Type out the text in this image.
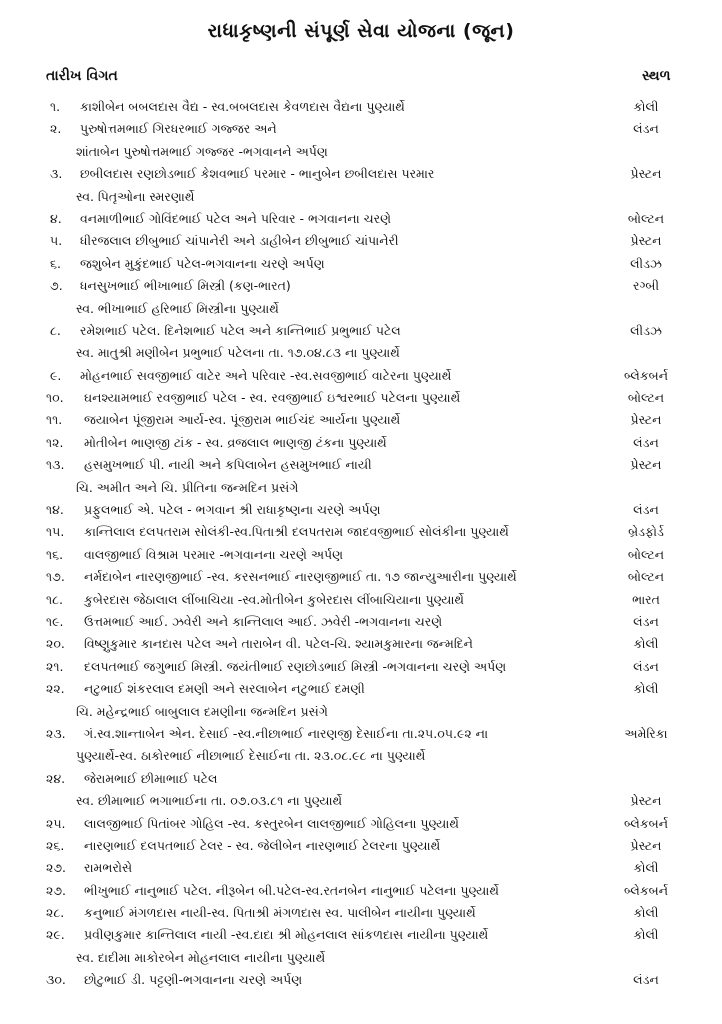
રાધાકૃષ્ણની સંપૂર્ણ સેવા યોજના (જૂન)
તારીખ વિગત	સ્થળ
૧. કાશીબેન બબલદાસ વૈદ્ય - સ્વ.બબલદાસ કેવળદાસ વૈદ્યના પુણ્યાર્થે	કોલી
૨. પુરુષોત્તમભાઈ ગિરધરભાઈ ગજ્જર અને	લંડન
શાંતાબેન પુરુષોત્તમભાઈ ગજ્જર -ભગવાનને અર્પણ
૩. છબીલદાસ રણછોડભાઈ કેશવભાઈ પરમાર - ભાનુબેન છબીલદાસ પરમાર	પ્રેસ્ટન
સ્વ. પિતૃઓના સ્મરણાર્થે
૪. વનમાળીભાઈ ગોવિંદભાઈ પટેલ અને પરિવાર - ભગવાનના ચરણે	બોલ્ટન
૫. ધીરજલાલ છીબુભાઈ ચાંપાનેરી અને ડાહીબેન છીબુભાઈ ચાંપાનેરી	પ્રેસ્ટન
૬. જશુબેન મુકુંદભાઈ પટેલ-ભગવાનના ચરણે અર્પણ	લીડઝ
૭. ધનસુખભાઈ ભીખાભાઈ મિસ્ત્રી (કણ-ભારત)	રગ્બી
સ્વ. ભીખાભાઈ હરિભાઈ મિસ્ત્રીના પુણ્યાર્થે
૮. રમેશભાઈ પટેલ. દિનેશભાઈ પટેલ અને કાન્તિભાઈ પ્રભુભાઈ પટેલ	લીડઝ
સ્વ. માતુશ્રી મણીબેન પ્રભુભાઈ પટેલના તા. ૧૭.૦૪.૮૩ ના પુણ્યાર્થે
૯. મોહનભાઈ સવજીભાઈ વાટેર અને પરિવાર -સ્વ.સવજીભાઈ વાટેરના પુણ્યાર્થે	બ્લેકબર્ન
૧૦. ઘનશ્યામભાઈ રવજીભાઈ પટેલ - સ્વ. રવજીભાઈ ઇશ્વરભાઈ પટેલના પુણ્યાર્થે	બોલ્ટન
૧૧. જયાબેન પૂંજીરામ આર્ય-સ્વ. પૂંજીરામ ભાઈચંદ આર્યના પુણ્યાર્થે	પ્રેસ્ટન
૧૨. મોતીબેન ભાણજી ટાંક - સ્વ. વ્રજલાલ ભાણજી ટંકના પુણ્યાર્થે	લંડન
૧૩. હસમુખભાઈ પી. નાયી અને કપિલાબેન હસમુખભાઈ નાયી	પ્રેસ્ટન
ચિ. અમીત અને ચિ. પ્રીતિના જન્મદિન પ્રસંગે
૧૪. પ્રફુલભાઈ એ. પટેલ - ભગવાન શ્રી રાધાકૃષ્ણના ચરણે અર્પણ	લંડન
૧૫. કાન્તિલાલ દલપતરામ સોલંકી-સ્વ.પિતાશ્રી દલપતરામ જાદવજીભાઈ સોલંકીના પુણ્યાર્થે	બ્રેડફોર્ડ
૧૬. વાલજીભાઈ વિશ્રામ પરમાર -ભગવાનના ચરણે અર્પણ	બોલ્ટન
૧૭. નર્મદાબેન નારણજીભાઈ -સ્વ. કરસનભાઈ નારણજીભાઈ તા. ૧૭ જાન્યુઆરીના પુણ્યાર્થે	બોલ્ટન
૧૮. કુબેરદાસ જેઠાલાલ લીંબાચિયા -સ્વ.મોતીબેન કુબેરદાસ લીંબાચિયાના પુણ્યાર્થે	ભારત
૧૯. ઉત્તમભાઈ આઈ. ઝવેરી અને કાન્તિલાલ આઈ. ઝવેરી -ભગવાનના ચરણે	લંડન
૨૦. વિષ્ણુકુમાર કાનદાસ પટેલ અને તારાબેન વી. પટેલ-ચિ. શ્યામકુમારના જન્મદિને	કોલી
૨૧. દલપતભાઈ જગુભાઈ મિસ્ત્રી. જયંતીભાઈ રણછોડભાઈ મિસ્ત્રી -ભગવાનના ચરણે અર્પણ	લંડન
૨૨. નટુભાઈ શંકરલાલ દમણી અને સરલાબેન નટુભાઈ દમણી	કોલી
ચિ. મહેન્દ્રભાઈ બાબુલાલ દમણીના જન્મદિન પ્રસંગે
૨૩. ગં.સ્વ.શાન્તાબેન એન. દેસાઈ -સ્વ.નીછાભાઈ નારણજી દેસાઈના તા.૨૫.૦૫.૯૨ ના	અમેરિકા
પુણ્યાર્થે-સ્વ. ઠાકોરભાઈ નીછાભાઈ દેસાઈના તા. ૨૩.૦૮.૯૮ ના પુણ્યાર્થે
૨૪. જેરામભાઈ છીમાભાઈ પટેલ
સ્વ. છીમાભાઈ ભગાભાઈના તા. ૦૭.૦૩.૮૧ ના પુણ્યાર્થે	પ્રેસ્ટન
૨૫. લાલજીભાઈ પિતાંબર ગોહિલ -સ્વ. કસ્તુરબેન લાલજીભાઈ ગોહિલના પુણ્યાર્થે	બ્લેકબર્ન
૨૬. નારણભાઈ દલપતભાઈ ટેલર - સ્વ. જેલીબેન નારણભાઈ ટેલરના પુણ્યાર્થે	પ્રેસ્ટન
૨૭. રામભરોસે	કોલી
૨૭. ભીખુભાઈ નાનુભાઈ પટેલ. નીરૂબેન બી.પટેલ-સ્વ.રતનબેન નાનુભાઈ પટેલના પુણ્યાર્થે	બ્લેકબર્ન
૨૮. કનુભાઈ મંગળદાસ નાયી-સ્વ. પિતાશ્રી મંગળદાસ સ્વ. પાલીબેન નાયીના પુણ્યાર્થે	કોલી
૨૯. પ્રવીણકુમાર કાન્તિલાલ નાયી -સ્વ.દાદા શ્રી મોહનલાલ સાંકળદાસ નાયીના પુણ્યાર્થે	કોલી
સ્વ. દાદીમા માકોરબેન મોહનલાલ નાયીના પુણ્યાર્થે
૩૦. છોટુભાઈ ડી. પટ્ટણી-ભગવાનના ચરણે અર્પણ	લંડન
